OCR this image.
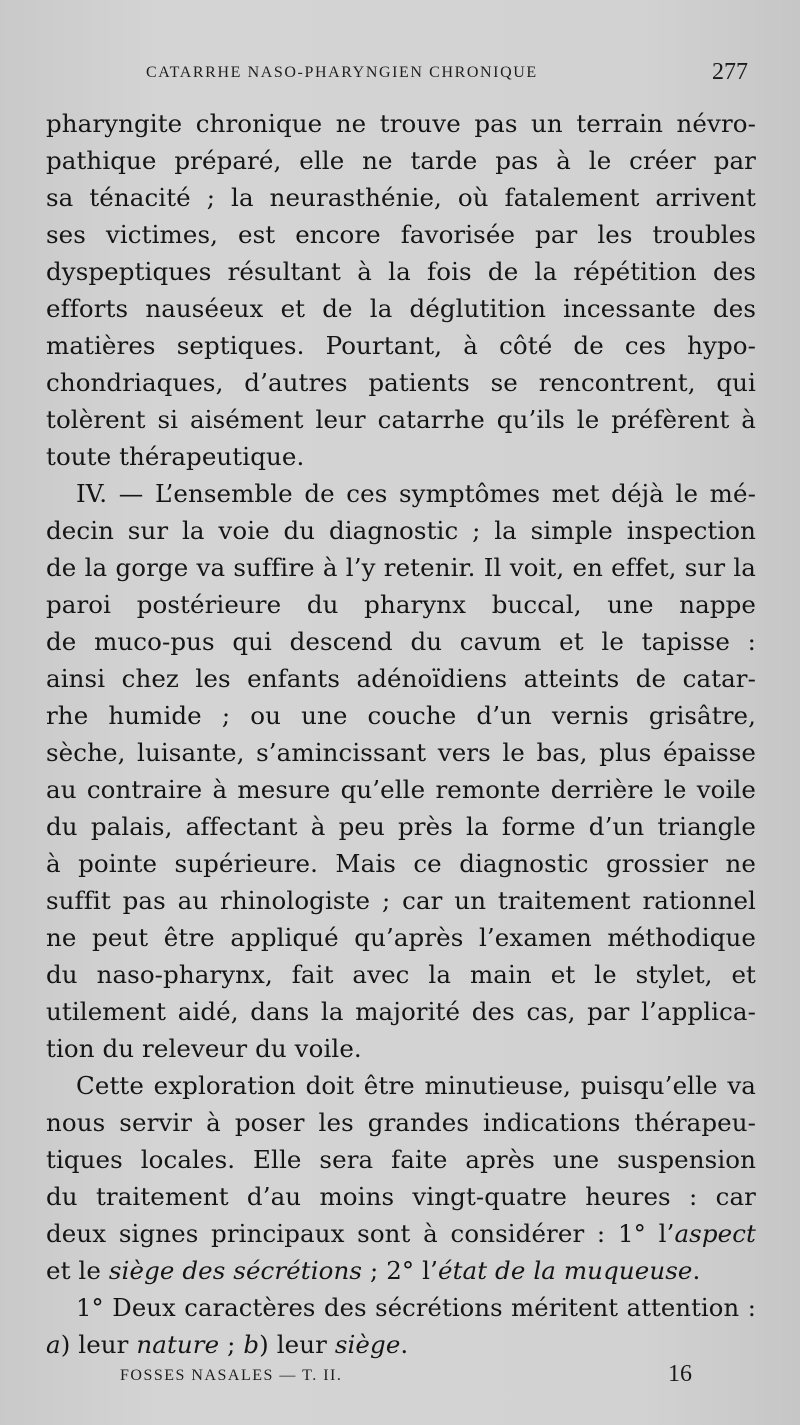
CATARRHE NASO-PHARYNGIEN CHRONIQUE	277
pharyngite chronique ne trouve pas un terrain névro-
pathique préparé, elle ne tarde pas à le créer par
sa ténacité ; la neurasthénie, où fatalement arrivent
ses victimes, est encore favorisée par les troubles
dyspeptiques résultant à la fois de la répétition des
efforts nauséeux et de la déglutition incessante des
matières septiques. Pourtant, à côté de ces hypo-
chondriaques, d’autres patients se rencontrent, qui
tolèrent si aisément leur catarrhe qu’ils le préfèrent à
toute thérapeutique.
IV. — L’ensemble de ces symptômes met déjà le mé-
decin sur la voie du diagnostic ; la simple inspection
de la gorge va suffire à l’y retenir. Il voit, en effet, sur la
paroi postérieure du pharynx buccal, une nappe
de muco-pus qui descend du cavum et le tapisse :
ainsi chez les enfants adénoïdiens atteints de catar-
rhe humide ; ou une couche d’un vernis grisâtre,
sèche, luisante, s’amincissant vers le bas, plus épaisse
au contraire à mesure qu’elle remonte derrière le voile
du palais, affectant à peu près la forme d’un triangle
à pointe supérieure. Mais ce diagnostic grossier ne
suffit pas au rhinologiste ; car un traitement rationnel
ne peut être appliqué qu’après l’examen méthodique
du naso-pharynx, fait avec la main et le stylet, et
utilement aidé, dans la majorité des cas, par l’applica-
tion du releveur du voile.
Cette exploration doit être minutieuse, puisqu’elle va
nous servir à poser les grandes indications thérapeu-
tiques locales. Elle sera faite après une suspension
du traitement d’au moins vingt-quatre heures : car
deux signes principaux sont à considérer : 1° l’aspect
et le siège des sécrétions ; 2° l’état de la muqueuse.
1° Deux caractères des sécrétions méritent attention :
a) leur nature ; b) leur siège.
FOSSES NASALES — T. II.	16
